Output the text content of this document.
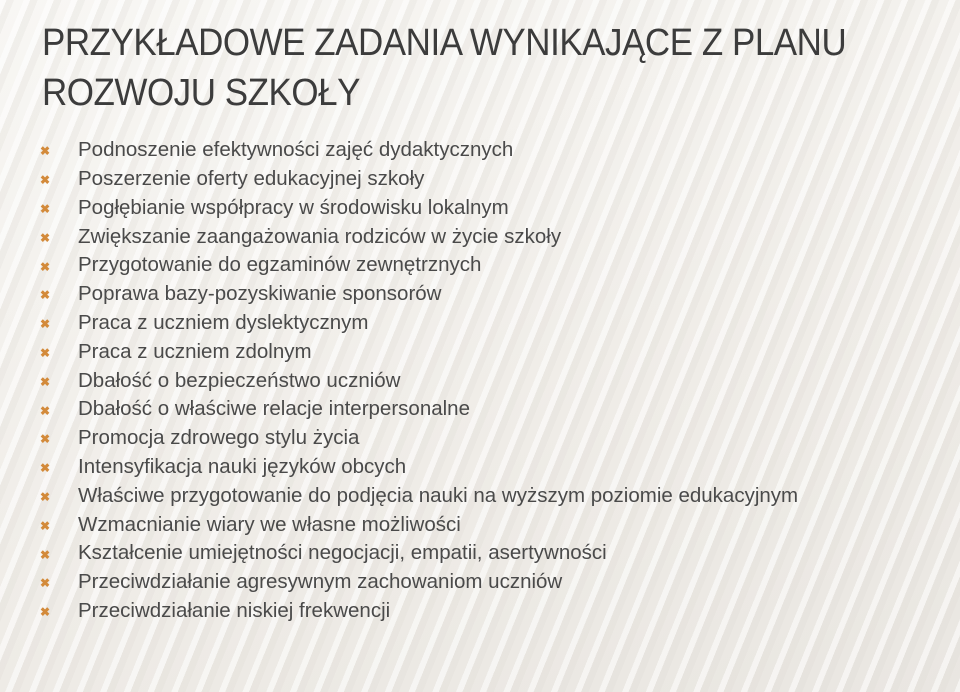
PRZYKŁADOWE ZADANIA WYNIKAJĄCE Z PLANU ROZWOJU SZKOŁY
✖	Podnoszenie efektywności zajęć dydaktycznych
✖	Poszerzenie oferty edukacyjnej szkoły
✖	Pogłębianie współpracy w środowisku lokalnym
✖	Zwiększanie zaangażowania rodziców w życie szkoły
✖	Przygotowanie do egzaminów zewnętrznych
✖	Poprawa bazy-pozyskiwanie sponsorów
✖	Praca z uczniem dyslektycznym
✖	Praca z uczniem zdolnym
✖	Dbałość o bezpieczeństwo uczniów
✖	Dbałość o właściwe relacje interpersonalne
✖	Promocja zdrowego stylu życia
✖	Intensyfikacja nauki języków obcych
✖	Właściwe przygotowanie do podjęcia nauki na wyższym poziomie edukacyjnym
✖	Wzmacnianie wiary we własne możliwości
✖	Kształcenie umiejętności negocjacji, empatii, asertywności
✖	Przeciwdziałanie agresywnym zachowaniom uczniów
✖	Przeciwdziałanie niskiej frekwencji
